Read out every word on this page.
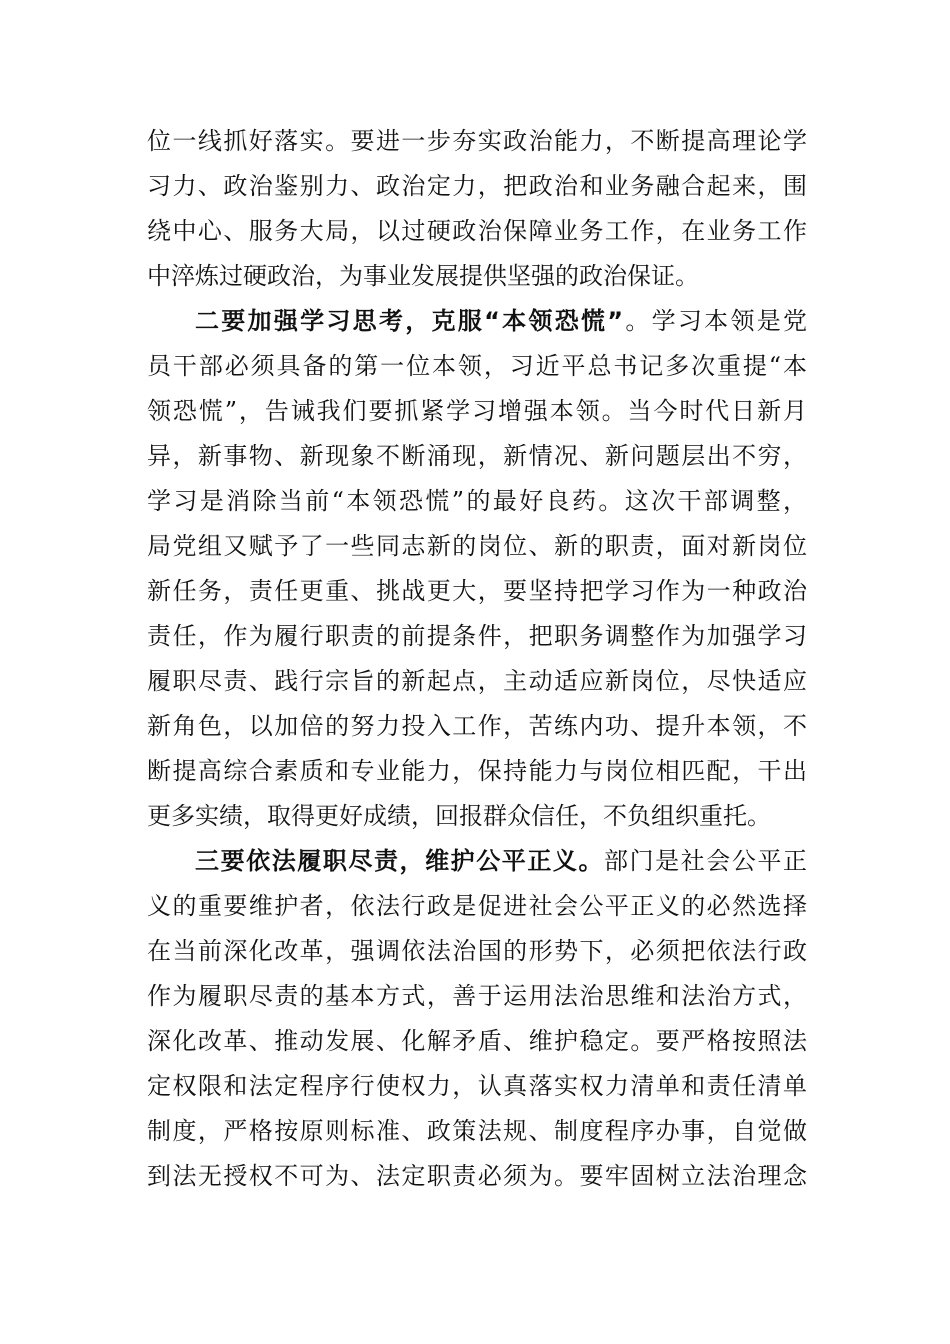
位一线抓好落实。要进一步夯实政治能力，不断提高理论学
习力、政治鉴别力、政治定力，把政治和业务融合起来，围
绕中心、服务大局，以过硬政治保障业务工作，在业务工作
中淬炼过硬政治，为事业发展提供坚强的政治保证。
二要加强学习思考，克服“本领恐慌”。学习本领是党
员干部必须具备的第一位本领，习近平总书记多次重提“本
领恐慌”，告诫我们要抓紧学习增强本领。当今时代日新月
异，新事物、新现象不断涌现，新情况、新问题层出不穷，
学习是消除当前“本领恐慌”的最好良药。这次干部调整，
局党组又赋予了一些同志新的岗位、新的职责，面对新岗位
新任务，责任更重、挑战更大，要坚持把学习作为一种政治
责任，作为履行职责的前提条件，把职务调整作为加强学习
履职尽责、践行宗旨的新起点，主动适应新岗位，尽快适应
新角色，以加倍的努力投入工作，苦练内功、提升本领，不
断提高综合素质和专业能力，保持能力与岗位相匹配，干出
更多实绩，取得更好成绩，回报群众信任，不负组织重托。
三要依法履职尽责，维护公平正义。部门是社会公平正
义的重要维护者，依法行政是促进社会公平正义的必然选择
在当前深化改革，强调依法治国的形势下，必须把依法行政
作为履职尽责的基本方式，善于运用法治思维和法治方式，
深化改革、推动发展、化解矛盾、维护稳定。要严格按照法
定权限和法定程序行使权力，认真落实权力清单和责任清单
制度，严格按原则标准、政策法规、制度程序办事，自觉做
到法无授权不可为、法定职责必须为。要牢固树立法治理念
